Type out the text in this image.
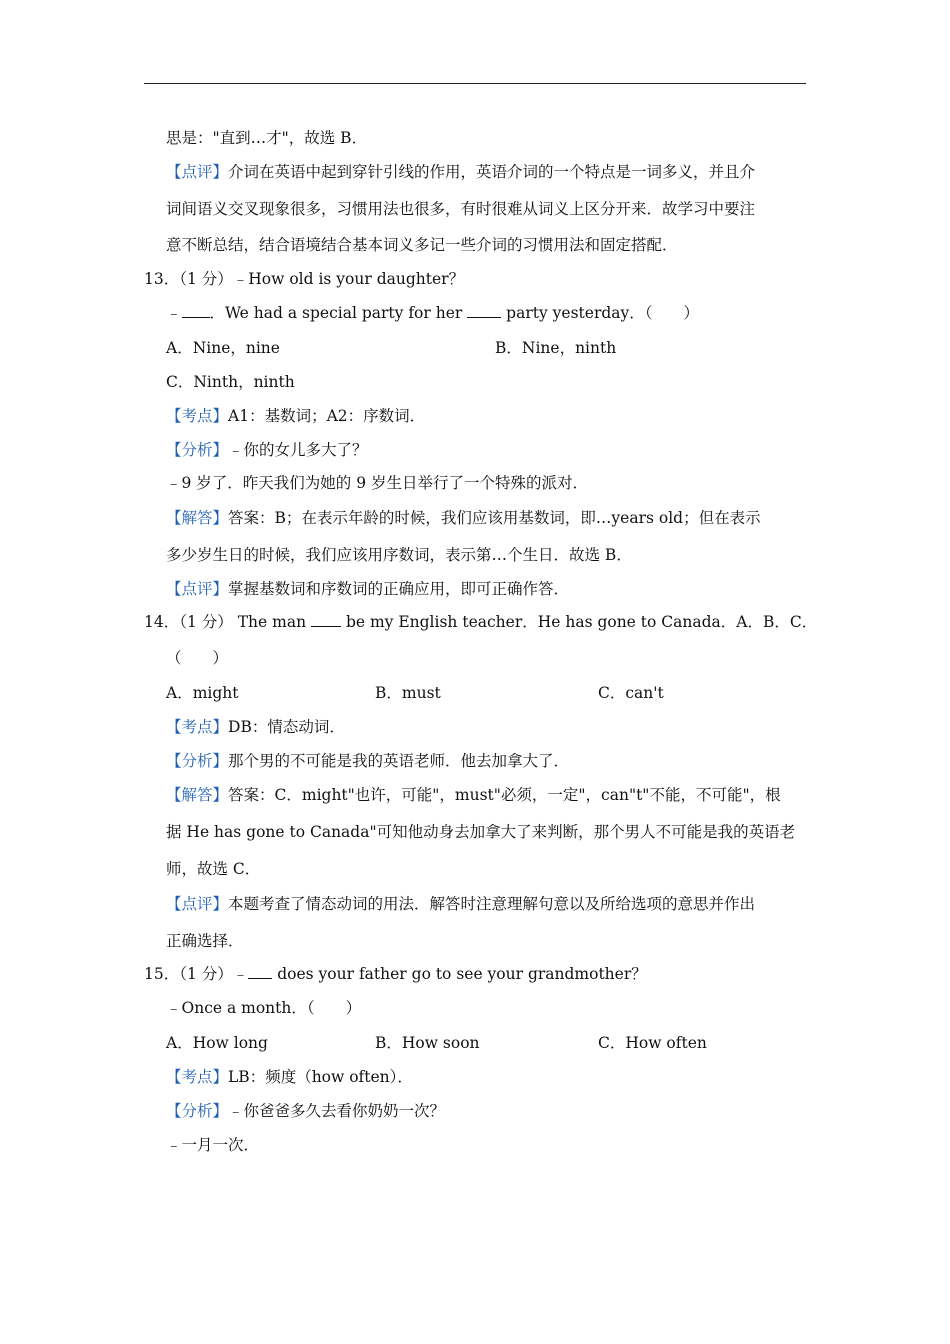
思是："直到…才"，故选 B．
【点评】介词在英语中起到穿针引线的作用，英语介词的一个特点是一词多义，并且介
词间语义交叉现象很多，习惯用法也很多，有时很难从词义上区分开来．故学习中要注
意不断总结，结合语境结合基本词义多记一些介词的习惯用法和固定搭配．
13．（1 分）﹣How old is your daughter？
﹣ ．We had a special party for her	party yesterday．（　　）
A．Nine，nine	B．Nine，ninth
C．Ninth，ninth
【考点】A1：基数词；A2：序数词．
【分析】﹣你的女儿多大了？
﹣9 岁了．昨天我们为她的 9 岁生日举行了一个特殊的派对．
【解答】答案：B；在表示年龄的时候，我们应该用基数词，即…years old；但在表示
多少岁生日的时候，我们应该用序数词，表示第…个生日．故选 B．
【点评】掌握基数词和序数词的正确应用，即可正确作答．
14．（1 分） The man	be my English teacher．He has gone to Canada．A．B．C．
（　　）
A．might	B．must	C．can't
【考点】DB：情态动词．
【分析】那个男的不可能是我的英语老师．他去加拿大了．
【解答】答案：C．might"也许，可能"，must"必须，一定"，can"t"不能，不可能"，根
据 He has gone to Canada"可知他动身去加拿大了来判断，那个男人不可能是我的英语老
师，故选 C．
【点评】本题考查了情态动词的用法．解答时注意理解句意以及所给选项的意思并作出
正确选择．
15．（1 分）﹣ does your father go to see your grandmother？
﹣Once a month．（　　）
A．How long	B．How soon	C．How often
【考点】LB：频度（how often）．
【分析】﹣你爸爸多久去看你奶奶一次？
﹣一月一次．
